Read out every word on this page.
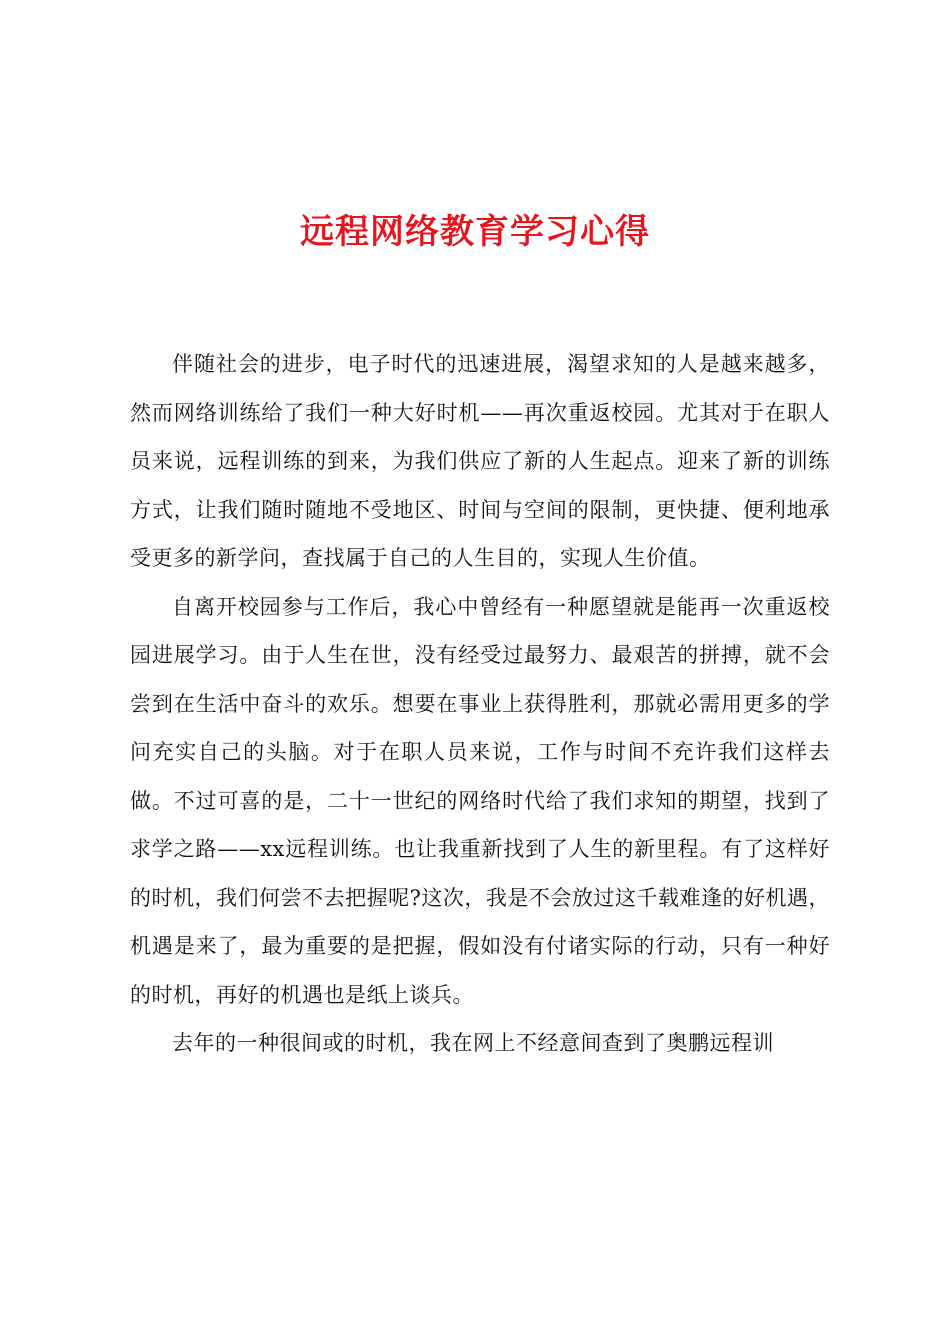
远程网络教育学习心得

伴随社会的进步，电子时代的迅速进展，渴望求知的人是越来越多，然而网络训练给了我们一种大好时机——再次重返校园。尤其对于在职人员来说，远程训练的到来，为我们供应了新的人生起点。迎来了新的训练方式，让我们随时随地不受地区、时间与空间的限制，更快捷、便利地承受更多的新学问，查找属于自己的人生目的，实现人生价值。

自离开校园参与工作后，我心中曾经有一种愿望就是能再一次重返校园进展学习。由于人生在世，没有经受过最努力、最艰苦的拼搏，就不会尝到在生活中奋斗的欢乐。想要在事业上获得胜利，那就必需用更多的学问充实自己的头脑。对于在职人员来说，工作与时间不充许我们这样去做。不过可喜的是，二十一世纪的网络时代给了我们求知的期望，找到了求学之路——xx远程训练。也让我重新找到了人生的新里程。有了这样好的时机，我们何尝不去把握呢?这次，我是不会放过这千载难逢的好机遇，机遇是来了，最为重要的是把握，假如没有付诸实际的行动，只有一种好的时机，再好的机遇也是纸上谈兵。

去年的一种很间或的时机，我在网上不经意间查到了奥鹏远程训
